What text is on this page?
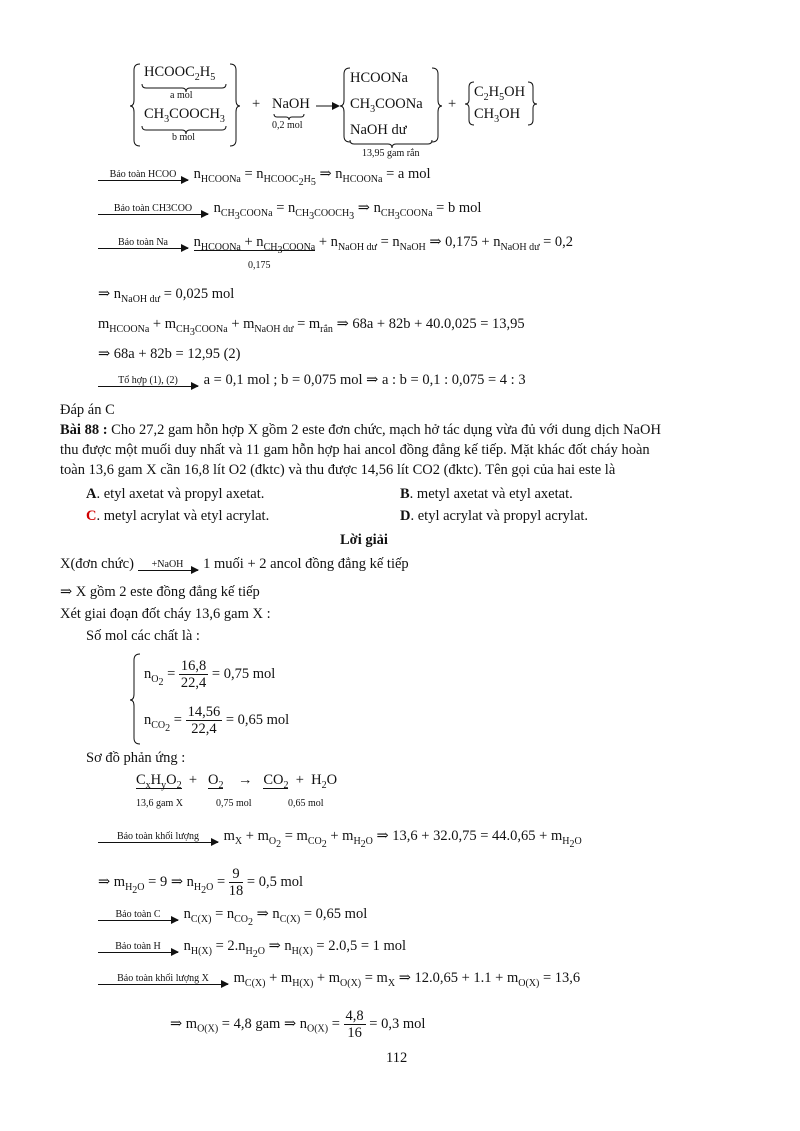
$HCOOC_2H_5$
a mol
$CH_3COOCH_3$
b mol
+ NaOH
0,2 mol
HCOONa
$CH_3COONa$
NaOH dư
13,95 gam rắn
+
$C_2H_5OH$
$CH_3OH$
Bảo toàn HCOO $n_{HCOONa} = n_{HCOOC_2H_5}$ ⇒ $n_{HCOONa} = a$ mol
Bảo toàn CH3COO	$n_{CH_3COONa} = n_{CH_3COOCH_3}$ ⇒ $n_{CH_3COONa} = b$ mol
Bảo toàn Na	$n_{HCOONa} + n_{CH_3COONa} + n_{NaOH dư} = n_{NaOH}$ ⇒ $0,175 + n_{NaOH dư} = 0,2$
0,175
⇒ $n_{NaOH dư} = 0,025$ mol
$m_{HCOONa} + m_{CH_3COONa} + m_{NaOH dư} = m_{rắn}$ ⇒ 68a + 82b + 40.0,025 = 13,95
⇒ 68a + 82b = 12,95 (2)
Tổ hợp (1), (2)	a = 0,1 mol ; b = 0,075 mol ⇒ a : b = 0,1 : 0,075 = 4 : 3
Đáp án C
Bài 88 : Cho 27,2 gam hỗn hợp X gồm 2 este đơn chức, mạch hở tác dụng vừa đủ với dung dịch NaOH
thu được một muối duy nhất và 11 gam hỗn hợp hai ancol đồng đẳng kế tiếp. Mặt khác đốt cháy hoàn
toàn 13,6 gam X cần 16,8 lít O2 (đktc) và thu được 14,56 lít CO2 (đktc). Tên gọi của hai este là
A. etyl axetat và propyl axetat.	B. metyl axetat và etyl axetat.
C. metyl acrylat và etyl acrylat.	D. etyl acrylat và propyl acrylat.
Lời giải
X(đơn chức)	+NaOH	1 muối + 2 ancol đồng đẳng kế tiếp
⇒ X gồm 2 este đồng đẳng kế tiếp
Xét giai đoạn đốt cháy 13,6 gam X :
Số mol các chất là :
$n_{O_2} = \frac{16,8}{22,4} = 0,75$ mol
$n_{CO_2} = \frac{14,56}{22,4} = 0,65$ mol
Sơ đồ phản ứng :
$C_xH_yO_2 + O_2$    →   $CO_2 + H_2O$
13,6 gam X	0,75 mol	0,65 mol
Bảo toàn khối lượng	$m_X + m_{O_2} = m_{CO_2} + m_{H_2O}$ ⇒ $13,6 + 32.0,75 = 44.0,65 + m_{H_2O}$
⇒ $m_{H_2O} = 9$ ⇒ $n_{H_2O} = \frac{9}{18} = 0,5$ mol
Bảo toàn C	$n_{C(X)} = n_{CO_2}$ ⇒ $n_{C(X)} = 0,65$ mol
Bảo toàn H	$n_{H(X)} = 2.n_{H_2O}$ ⇒ $n_{H(X)} = 2.0,5 = 1$ mol
Bảo toàn khối lượng X	$m_{C(X)} + m_{H(X)} + m_{O(X)} = m_X$ ⇒ $12.0,65 + 1.1 + m_{O(X)} = 13,6$
⇒ $m_{O(X)} = 4,8$ gam ⇒ $n_{O(X)} = \frac{4,8}{16} = 0,3$ mol
112
